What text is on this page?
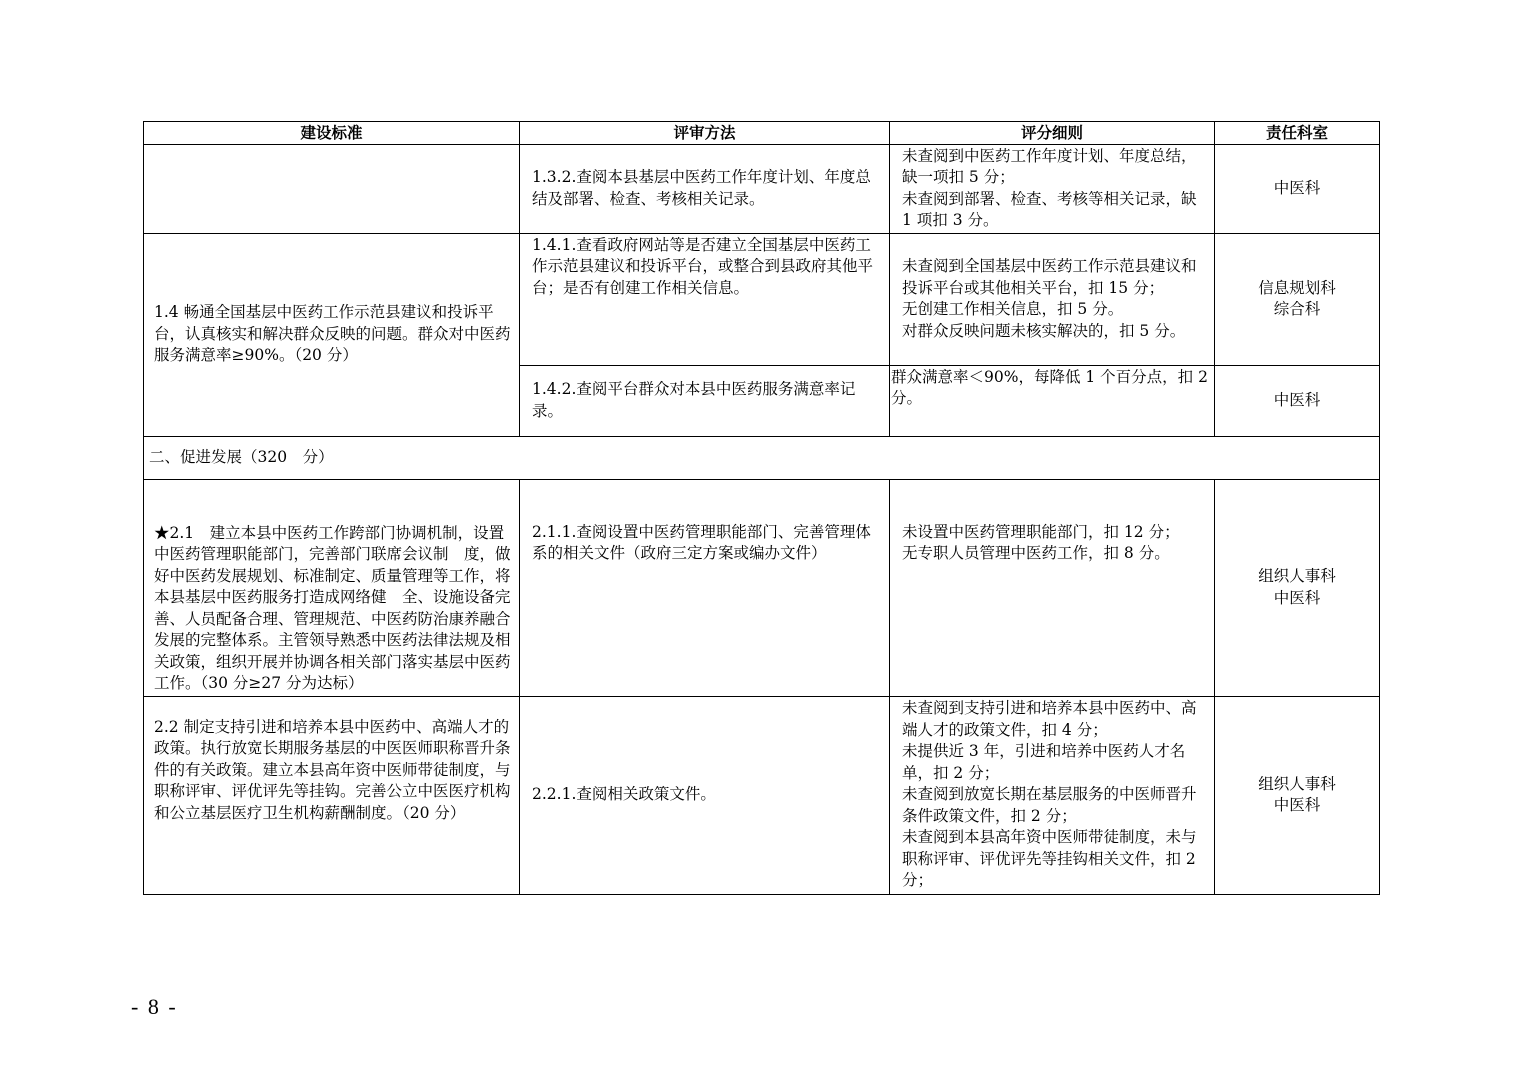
建设标准	评审方法	评分细则	责任科室
	1.3.2.查阅本县基层中医药工作年度计划、年度总结及部署、检查、考核相关记录。	未查阅到中医药工作年度计划、年度总结，缺一项扣 5 分；
未查阅到部署、检查、考核等相关记录，缺 1 项扣 3 分。	中医科
1.4 畅通全国基层中医药工作示范县建议和投诉平台，认真核实和解决群众反映的问题。群众对中医药服务满意率≥90%。（20 分）	1.4.1.查看政府网站等是否建立全国基层中医药工作示范县建议和投诉平台，或整合到县政府其他平台；是否有创建工作相关信息。	未查阅到全国基层中医药工作示范县建议和投诉平台或其他相关平台，扣 15 分；
无创建工作相关信息，扣 5 分。
对群众反映问题未核实解决的，扣 5 分。	信息规划科
综合科

	1.4.2.查阅平台群众对本县中医药服务满意率记录。	群众满意率＜90%，每降低 1 个百分点，扣 2 分。	中医科
二、促进发展（320　分）			
★2.1　建立本县中医药工作跨部门协调机制，设置中医药管理职能部门，完善部门联席会议制　度，做好中医药发展规划、标准制定、质量管理等工作，将本县基层中医药服务打造成网络健　全、设施设备完善、人员配备合理、管理规范、中医药防治康养融合发展的完整体系。主管领导熟悉中医药法律法规及相关政策，组织开展并协调各相关部门落实基层中医药工作。（30 分≥27 分为达标）	2.1.1.查阅设置中医药管理职能部门、完善管理体系的相关文件（政府三定方案或编办文件）	未设置中医药管理职能部门，扣 12 分；
无专职人员管理中医药工作，扣 8 分。	组织人事科
中医科

2.2 制定支持引进和培养本县中医药中、高端人才的政策。执行放宽长期服务基层的中医医师职称晋升条件的有关政策。建立本县高年资中医师带徒制度，与职称评审、评优评先等挂钩。完善公立中医医疗机构和公立基层医疗卫生机构薪酬制度。（20 分）	2.2.1.查阅相关政策文件。	未查阅到支持引进和培养本县中医药中、高端人才的政策文件，扣 4 分；
未提供近 3 年，引进和培养中医药人才名单，扣 2 分；
未查阅到放宽长期在基层服务的中医师晋升条件政策文件，扣 2 分；
未查阅到本县高年资中医师带徒制度，未与职称评审、评优评先等挂钩相关文件，扣 2 分；	组织人事科
中医科
- 8 -
